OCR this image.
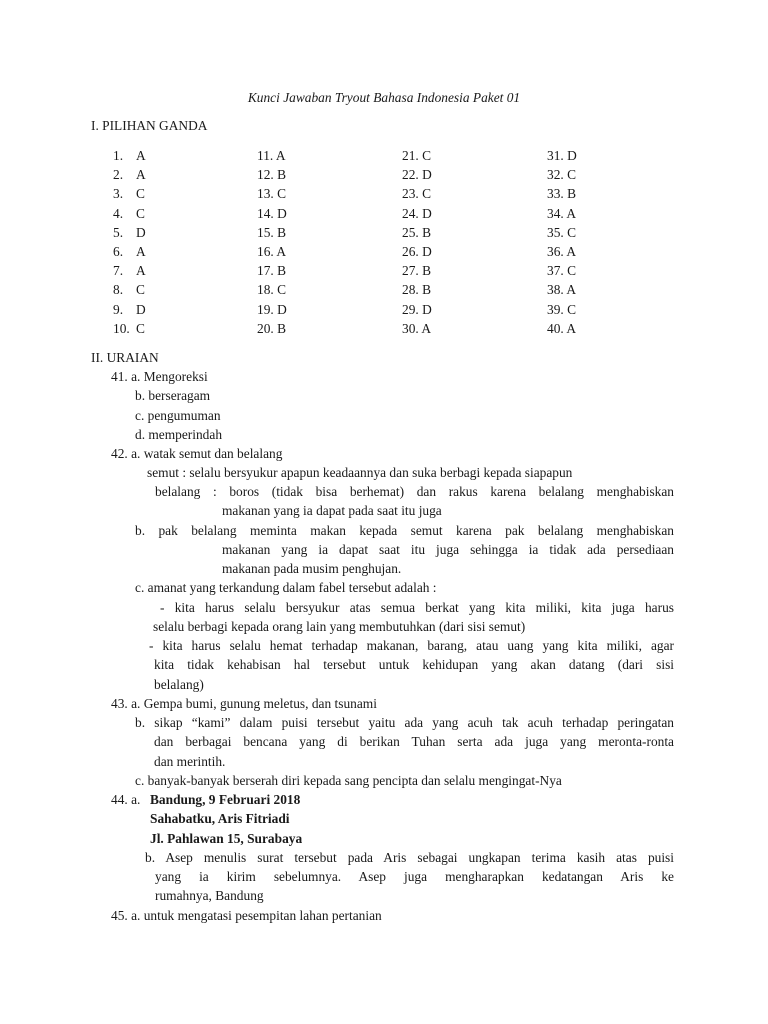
Kunci Jawaban Tryout Bahasa Indonesia Paket 01
I. PILIHAN GANDA
1. A
2. A
3. C
4. C
5. D
6. A
7. A
8. C
9. D
10. C
11. A
12. B
13. C
14. D
15. B
16. A
17. B
18. C
19. D
20. B
21. C
22. D
23. C
24. D
25. B
26. D
27. B
28. B
29. D
30. A
31. D
32. C
33. B
34. A
35. C
36. A
37. C
38. A
39. C
40. A
II. URAIAN
41. a. Mengoreksi
b. berseragam
c. pengumuman
d. memperindah
42. a. watak semut dan belalang
semut : selalu bersyukur apapun keadaannya dan suka berbagi kepada siapapun
belalang : boros (tidak bisa berhemat) dan rakus karena belalang menghabiskan
makanan yang ia dapat pada saat itu juga
b. pak belalang meminta makan kepada semut karena pak belalang menghabiskan
makanan yang ia dapat saat itu juga sehingga ia tidak ada persediaan
makanan pada musim penghujan.
c. amanat yang terkandung dalam fabel tersebut adalah :
- kita harus selalu bersyukur atas semua berkat yang kita miliki, kita juga harus
selalu berbagi kepada orang lain yang membutuhkan (dari sisi semut)
- kita harus selalu hemat terhadap makanan, barang, atau uang yang kita miliki, agar
kita tidak kehabisan hal tersebut untuk kehidupan yang akan datang (dari sisi
belalang)
43. a. Gempa bumi, gunung meletus, dan tsunami
b. sikap “kami” dalam puisi tersebut yaitu ada yang acuh tak acuh terhadap peringatan
dan berbagai bencana yang di berikan Tuhan serta ada juga yang meronta-ronta
dan merintih.
c. banyak-banyak berserah diri kepada sang pencipta dan selalu mengingat-Nya
44. a. Bandung, 9 Februari 2018
Sahabatku, Aris Fitriadi
Jl. Pahlawan 15, Surabaya
b. Asep menulis surat tersebut pada Aris sebagai ungkapan terima kasih atas puisi
yang ia kirim sebelumnya. Asep juga mengharapkan kedatangan Aris ke
rumahnya, Bandung
45. a. untuk mengatasi pesempitan lahan pertanian
